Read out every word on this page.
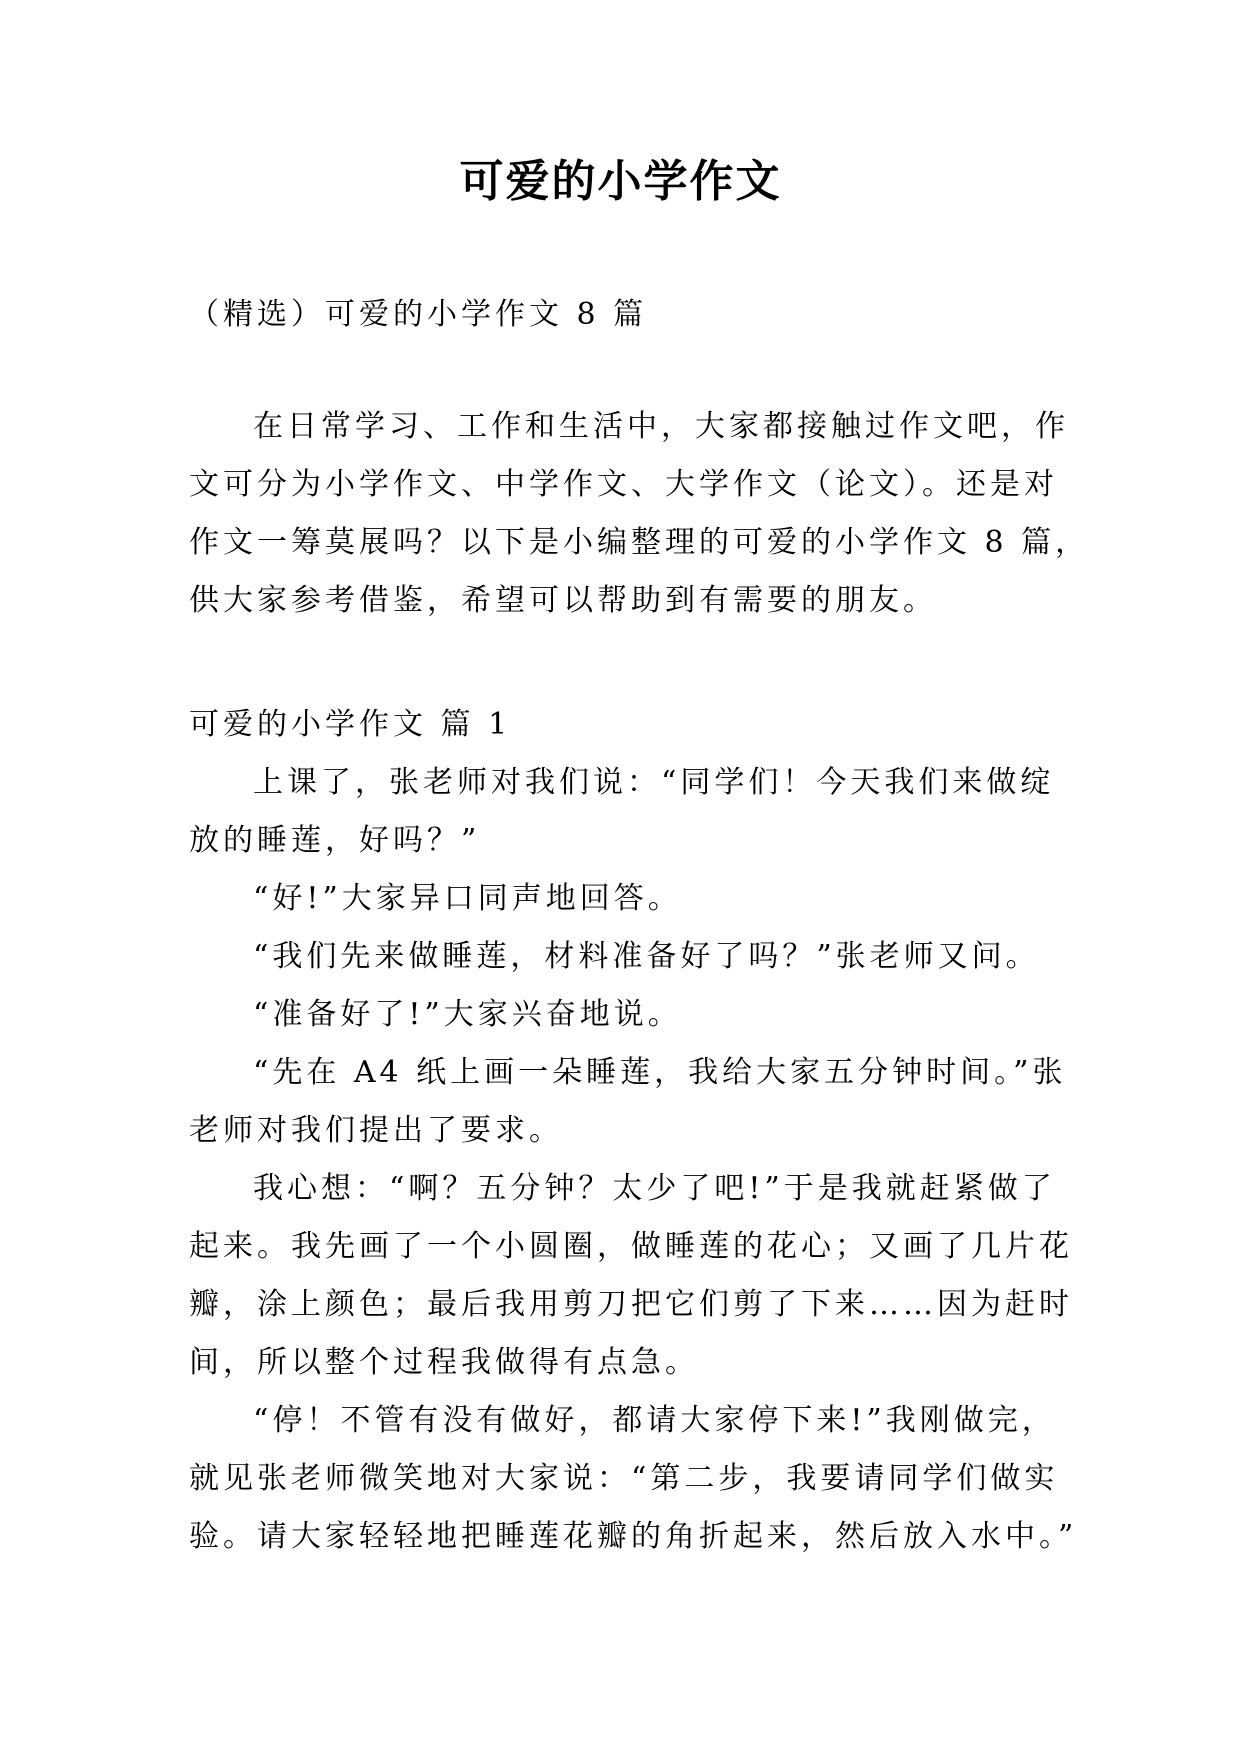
可爱的小学作文
（精选）可爱的小学作文 8 篇
在日常学习、工作和生活中，大家都接触过作文吧，作
文可分为小学作文、中学作文、大学作文（论文）。还是对
作文一筹莫展吗？以下是小编整理的可爱的小学作文 8 篇，
供大家参考借鉴，希望可以帮助到有需要的朋友。
可爱的小学作文 篇 1
上课了，张老师对我们说：“同学们！今天我们来做绽
放的睡莲，好吗？”
“好!”大家异口同声地回答。
“我们先来做睡莲，材料准备好了吗？”张老师又问。
“准备好了!”大家兴奋地说。
“先在 A4 纸上画一朵睡莲，我给大家五分钟时间。”张
老师对我们提出了要求。
我心想：“啊？五分钟？太少了吧!”于是我就赶紧做了
起来。我先画了一个小圆圈，做睡莲的花心；又画了几片花
瓣，涂上颜色；最后我用剪刀把它们剪了下来……因为赶时
间，所以整个过程我做得有点急。
“停！不管有没有做好，都请大家停下来!”我刚做完，
就见张老师微笑地对大家说：“第二步，我要请同学们做实
验。请大家轻轻地把睡莲花瓣的角折起来，然后放入水中。”
